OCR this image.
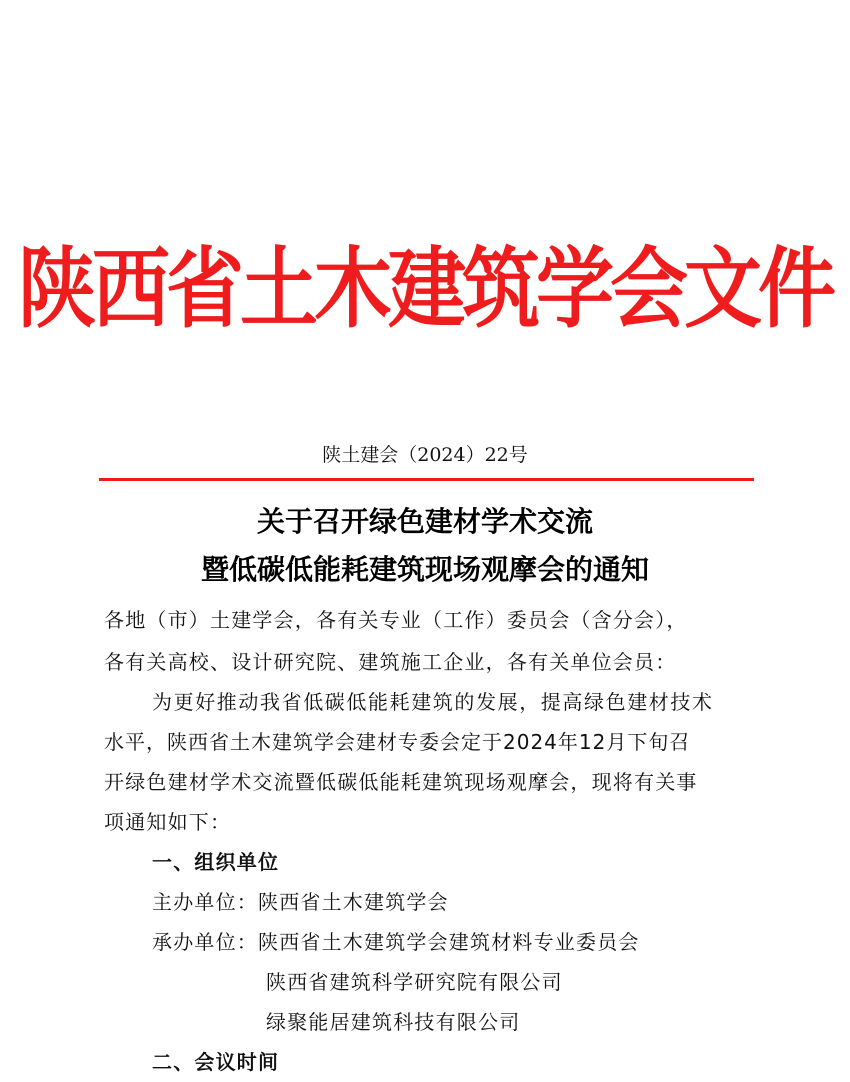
陕西省土木建筑学会文件
陕土建会（2024）22号
关于召开绿色建材学术交流
暨低碳低能耗建筑现场观摩会的通知
各地（市）土建学会，各有关专业（工作）委员会（含分会），
各有关高校、设计研究院、建筑施工企业，各有关单位会员：
为更好推动我省低碳低能耗建筑的发展，提高绿色建材技术
水平，陕西省土木建筑学会建材专委会定于2024年12月下旬召
开绿色建材学术交流暨低碳低能耗建筑现场观摩会，现将有关事
项通知如下：
一、组织单位
主办单位：陕西省土木建筑学会
承办单位：陕西省土木建筑学会建筑材料专业委员会
陕西省建筑科学研究院有限公司
绿聚能居建筑科技有限公司
二、会议时间
